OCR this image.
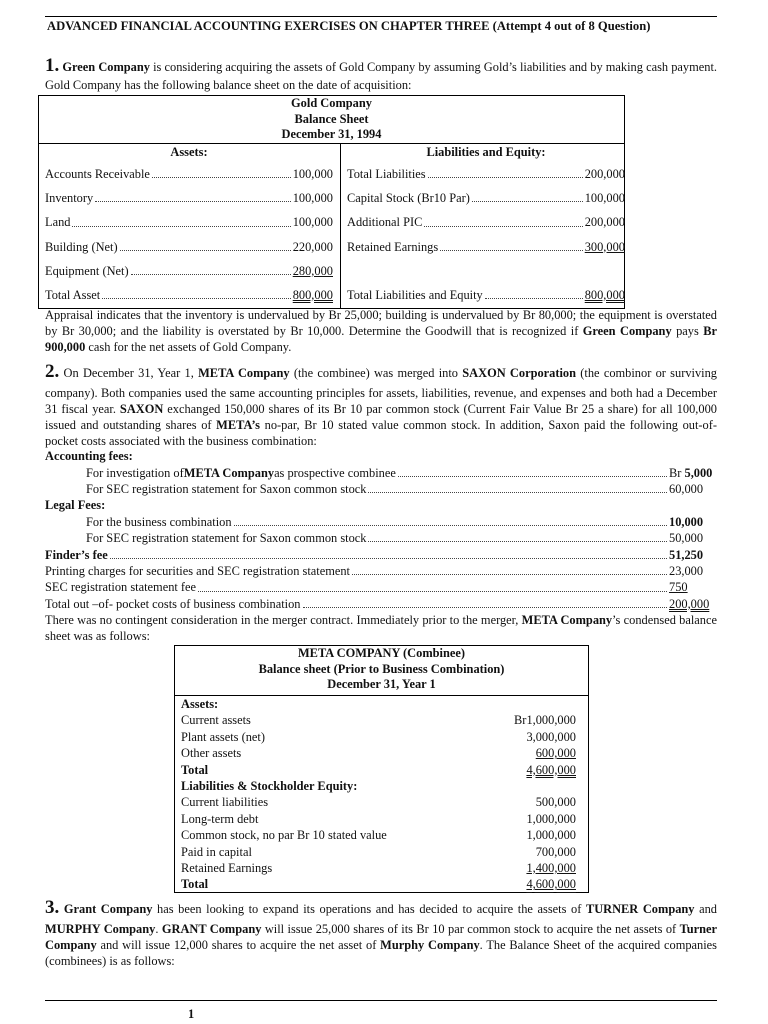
ADVANCED FINANCIAL ACCOUNTING EXERCISES ON CHAPTER THREE (Attempt 4 out of 8 Question)
1. Green Company is considering acquiring the assets of Gold Company by assuming Gold’s liabilities and by making cash payment. Gold Company has the following balance sheet on the date of acquisition:
Gold Company
Balance Sheet
December 31, 1994
Assets:
Accounts Receivable	100,000
Inventory	100,000
Land	100,000
Building (Net)	220,000
Equipment (Net)	280,000
Total Asset	800,000
Liabilities and Equity:
Total Liabilities	200,000
Capital Stock (Br10 Par)	100,000
Additional PIC	200,000
Retained Earnings	300,000
Total Liabilities and Equity	800,000
Appraisal indicates that the inventory is undervalued by Br 25,000; building is undervalued by Br 80,000; the equipment is overstated by Br 30,000; and the liability is overstated by Br 10,000. Determine the Goodwill that is recognized if Green Company pays Br 900,000 cash for the net assets of Gold Company.
2. On December 31, Year 1, META Company (the combinee) was merged into SAXON Corporation (the combinor or surviving company). Both companies used the same accounting principles for assets, liabilities, revenue, and expenses and both had a December 31 fiscal year. SAXON exchanged 150,000 shares of its Br 10 par common stock (Current Fair Value Br 25 a share) for all 100,000 issued and outstanding shares of META’s no-par, Br 10 stated value common stock. In addition, Saxon paid the following out-of-pocket costs associated with the business combination:
Accounting fees:
For investigation of META Company as prospective combinee	Br 5,000
For SEC registration statement for Saxon common stock	60,000
Legal Fees:
For the business combination	10,000
For SEC registration statement for Saxon common stock	50,000
Finder’s fee	51,250
Printing charges for securities and SEC registration statement	23,000
SEC registration statement fee	750
Total out –of- pocket costs of business combination	200,000
There was no contingent consideration in the merger contract. Immediately prior to the merger, META Company’s condensed balance sheet was as follows:
META COMPANY (Combinee)
Balance sheet (Prior to Business Combination)
December 31, Year 1
Assets:
Current assets	Br1,000,000
Plant assets (net)	3,000,000
Other assets	600,000
Total	4,600,000
Liabilities & Stockholder Equity:
Current liabilities	500,000
Long-term debt	1,000,000
Common stock, no par Br 10 stated value	1,000,000
Paid in capital	700,000
Retained Earnings	1,400,000
Total	4,600,000
3. Grant Company has been looking to expand its operations and has decided to acquire the assets of TURNER Company and MURPHY Company. GRANT Company will issue 25,000 shares of its Br 10 par common stock to acquire the net assets of Turner Company and will issue 12,000 shares to acquire the net asset of Murphy Company. The Balance Sheet of the acquired companies (combinees) is as follows:
1
